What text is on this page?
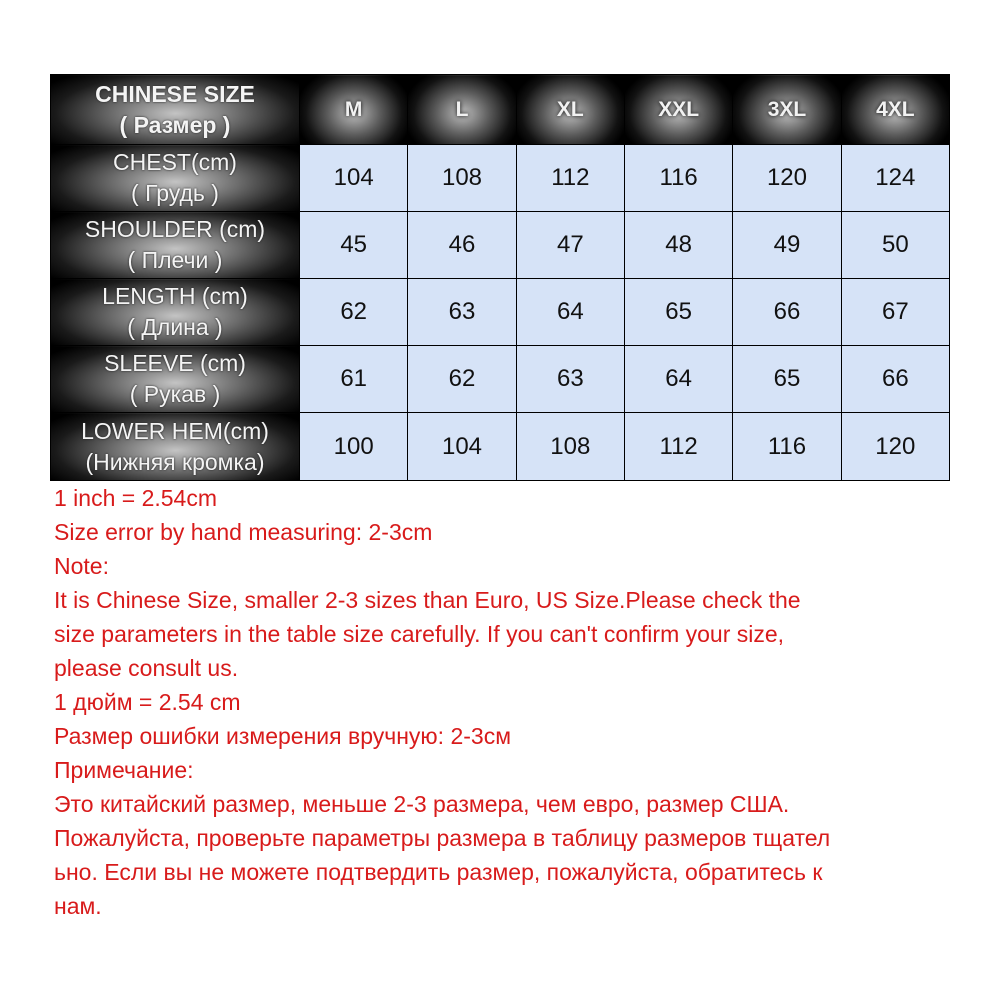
CHINESE SIZE
( Размер )	M	L	XL	XXL	3XL	4XL

CHEST(cm)
( Грудь )	104	108	112	116	120	124

SHOULDER (cm)
( Плечи )	45	46	47	48	49	50

LENGTH (cm)
( Длина )	62	63	64	65	66	67

SLEEVE (cm)
( Рукав )	61	62	63	64	65	66

LOWER HEM(cm)
(Нижняя кромка)	100	104	108	112	116	120

1 inch = 2.54cm

Size error by hand measuring: 2-3cm

Note:

It is Chinese Size, smaller 2-3 sizes than Euro, US Size.Please check the

size parameters in the table size carefully. If you can't confirm your size,

please consult us.

1 дюйм = 2.54 cm

Размер ошибки измерения вручную: 2-3см

Примечание:

Это китайский размер, меньше 2-3 размера, чем евро, размер США.

Пожалуйста, проверьте параметры размера в таблицу размеров тщател

ьно. Если вы не можете подтвердить размер, пожалуйста, обратитесь к

нам.
